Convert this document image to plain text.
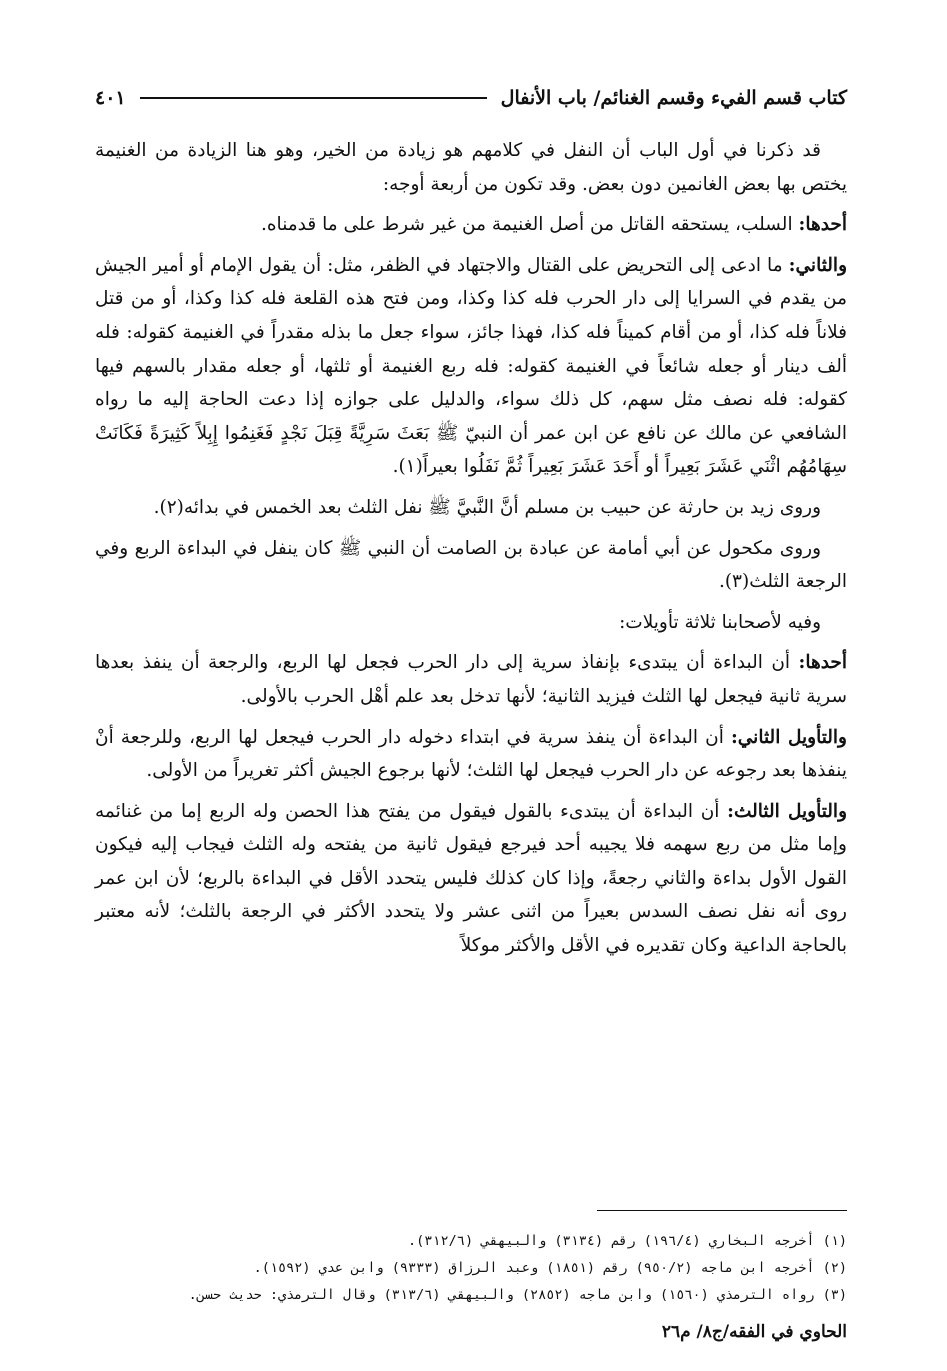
كتاب قسم الفيء وقسم الغنائم/ باب الأنفال
٤٠١

قد ذكرنا في أول الباب أن النفل في كلامهم هو زيادة من الخير، وهو هنا الزيادة من الغنيمة يختص بها بعض الغانمين دون بعض. وقد تكون من أربعة أوجه:

أحدها: السلب، يستحقه القاتل من أصل الغنيمة من غير شرط على ما قدمناه.

والثاني: ما ادعى إلى التحريض على القتال والاجتهاد في الظفر، مثل: أن يقول الإمام أو أمير الجيش من يقدم في السرايا إلى دار الحرب فله كذا وكذا، ومن فتح هذه القلعة فله كذا وكذا، أو من قتل فلاناً فله كذا، أو من أقام كميناً فله كذا، فهذا جائز، سواء جعل ما بذله مقدراً في الغنيمة كقوله: فله ألف دينار أو جعله شائعاً في الغنيمة كقوله: فله ربع الغنيمة أو ثلثها، أو جعله مقدار بالسهم فيها كقوله: فله نصف مثل سهم، كل ذلك سواء، والدليل على جوازه إذا دعت الحاجة إليه ما رواه الشافعي عن مالك عن نافع عن ابن عمر أن النبيّ ﷺ بَعَثَ سَرِيَّةً قِبَلَ نَجْدٍ فَغَنِمُوا إِبِلاً كَثِيرَةً فَكَانَتْ سِهَامُهُم اثْنَي عَشَرَ بَعِيراً أو أَحَدَ عَشَرَ بَعِيراً ثُمَّ نَفَلُوا بعيراً(١).

وروى زيد بن حارثة عن حبيب بن مسلم أنَّ النَّبيَّ ﷺ نفل الثلث بعد الخمس في بدائه(٢).

وروى مكحول عن أبي أمامة عن عبادة بن الصامت أن النبي ﷺ كان ينفل في البداءة الربع وفي الرجعة الثلث(٣).

وفيه لأصحابنا ثلاثة تأويلات:

أحدها: أن البداءة أن يبتدىء بإنفاذ سرية إلى دار الحرب فجعل لها الربع، والرجعة أن ينفذ بعدها سرية ثانية فيجعل لها الثلث فيزيد الثانية؛ لأنها تدخل بعد علم أهْل الحرب بالأولى.

والتأويل الثاني: أن البداءة أن ينفذ سرية في ابتداء دخوله دار الحرب فيجعل لها الربع، وللرجعة أنْ ينفذها بعد رجوعه عن دار الحرب فيجعل لها الثلث؛ لأنها برجوع الجيش أكثر تغريراً من الأولى.

والتأويل الثالث: أن البداءة أن يبتدىء بالقول فيقول من يفتح هذا الحصن وله الربع إما من غنائمه وإما مثل من ربع سهمه فلا يجيبه أحد فيرجع فيقول ثانية من يفتحه وله الثلث فيجاب إليه فيكون القول الأول بداءة والثاني رجعةً، وإذا كان كذلك فليس يتحدد الأقل في البداءة بالربع؛ لأن ابن عمر روى أنه نفل نصف السدس بعيراً من اثنى عشر ولا يتحدد الأكثر في الرجعة بالثلث؛ لأنه معتبر بالحاجة الداعية وكان تقديره في الأقل والأكثر موكلاً

(١) أخرجه البخاري (١٩٦/٤) رقم (٣١٣٤) والبيهقي (٣١٢/٦).
(٢) أخرجه ابن ماجه (٩٥٠/٢) رقم (١٨٥١) وعبد الرزاق (٩٣٣٣) وابن عدي (١٥٩٢).
(٣) رواه الترمذي (١٥٦٠) وابن ماجه (٢٨٥٢) والبيهقي (٣١٣/٦) وقال الترمذي: حديث حسن.
الحاوي في الفقه/ج٨/ م٢٦
